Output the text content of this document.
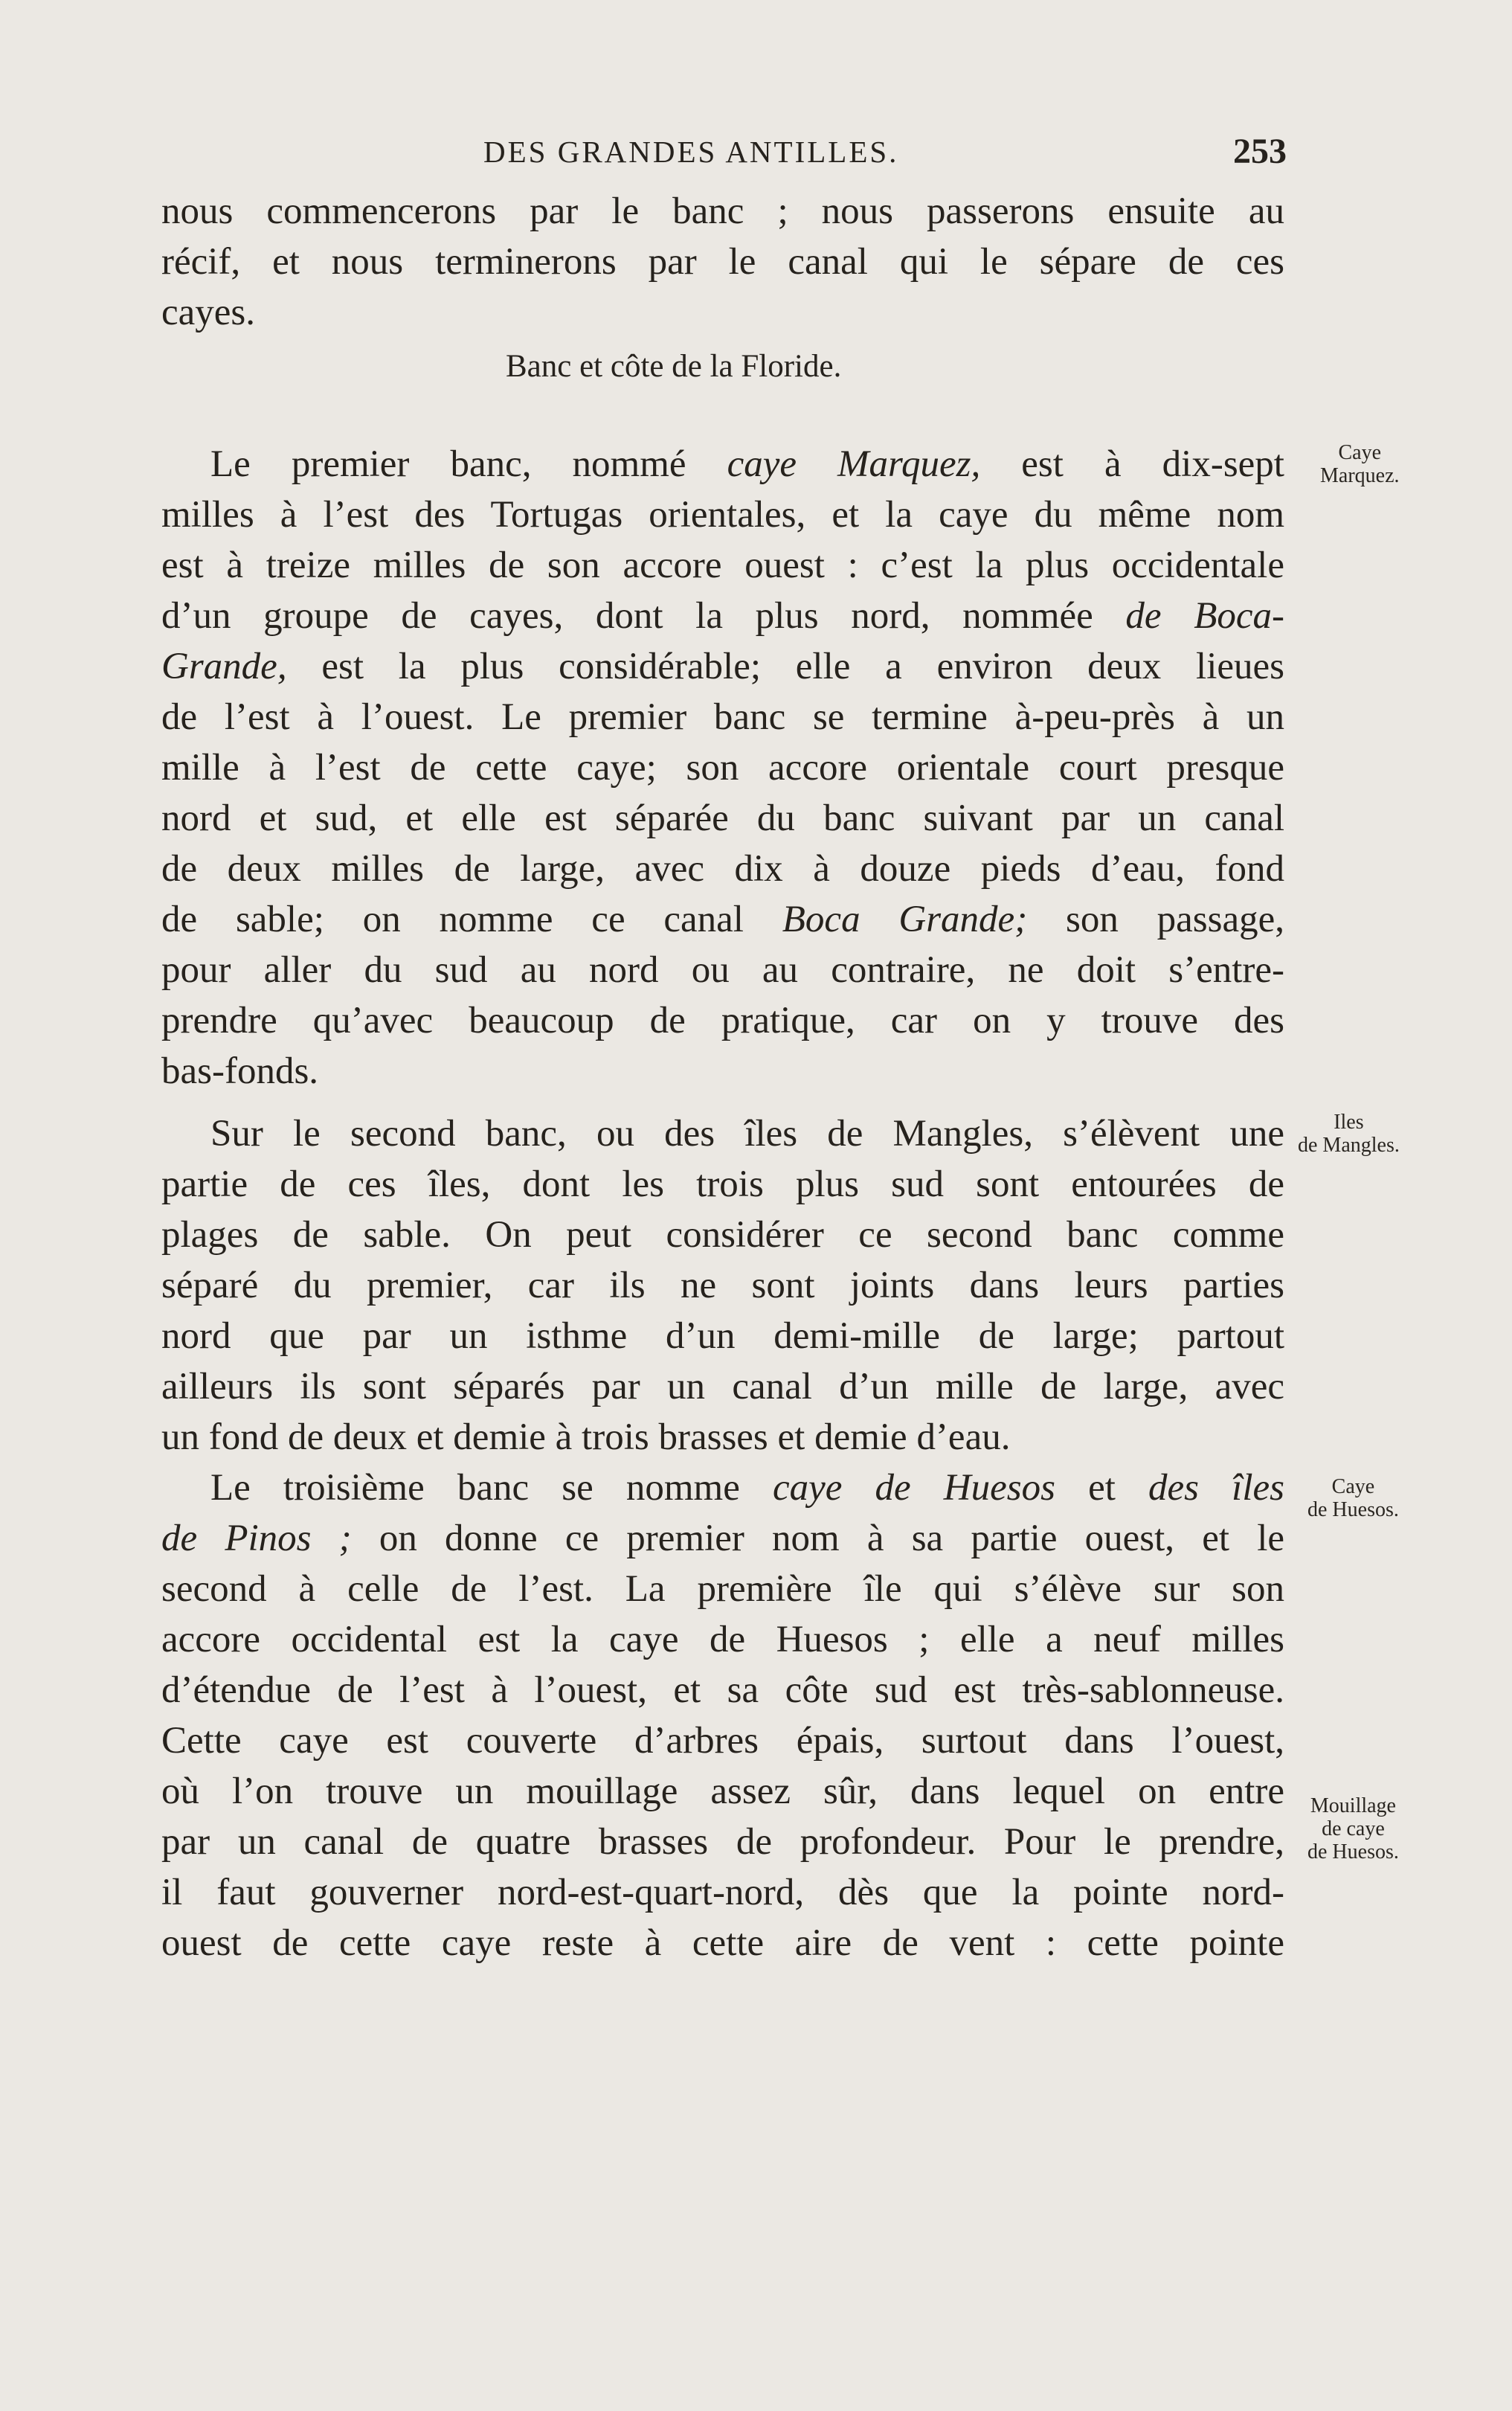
DES GRANDES ANTILLES.	253
nous commencerons par le banc ; nous passerons ensuite au
récif, et nous terminerons par le canal qui le sépare de ces
cayes.
Banc et côte de la Floride.
Le premier banc, nommé caye Marquez, est à dix-sept
milles à l’est des Tortugas orientales, et la caye du même nom
est à treize milles de son accore ouest : c’est la plus occidentale
d’un groupe de cayes, dont la plus nord, nommée de Boca-
Grande, est la plus considérable; elle a environ deux lieues
de l’est à l’ouest. Le premier banc se termine à-peu-près à un
mille à l’est de cette caye; son accore orientale court presque
nord et sud, et elle est séparée du banc suivant par un canal
de deux milles de large, avec dix à douze pieds d’eau, fond
de sable; on nomme ce canal Boca Grande; son passage,
pour aller du sud au nord ou au contraire, ne doit s’entre-
prendre qu’avec beaucoup de pratique, car on y trouve des
bas-fonds.
Sur le second banc, ou des îles de Mangles, s’élèvent une
partie de ces îles, dont les trois plus sud sont entourées de
plages de sable. On peut considérer ce second banc comme
séparé du premier, car ils ne sont joints dans leurs parties
nord que par un isthme d’un demi-mille de large; partout
ailleurs ils sont séparés par un canal d’un mille de large, avec
un fond de deux et demie à trois brasses et demie d’eau.
Le troisième banc se nomme caye de Huesos et des îles
de Pinos ; on donne ce premier nom à sa partie ouest, et le
second à celle de l’est. La première île qui s’élève sur son
accore occidental est la caye de Huesos ; elle a neuf milles
d’étendue de l’est à l’ouest, et sa côte sud est très-sablonneuse.
Cette caye est couverte d’arbres épais, surtout dans l’ouest,
où l’on trouve un mouillage assez sûr, dans lequel on entre
par un canal de quatre brasses de profondeur. Pour le prendre,
il faut gouverner nord-est-quart-nord, dès que la pointe nord-
ouest de cette caye reste à cette aire de vent : cette pointe
Caye
Marquez.
Iles
de Mangles.
Caye
de Huesos.
Mouillage
de caye
de Huesos.
